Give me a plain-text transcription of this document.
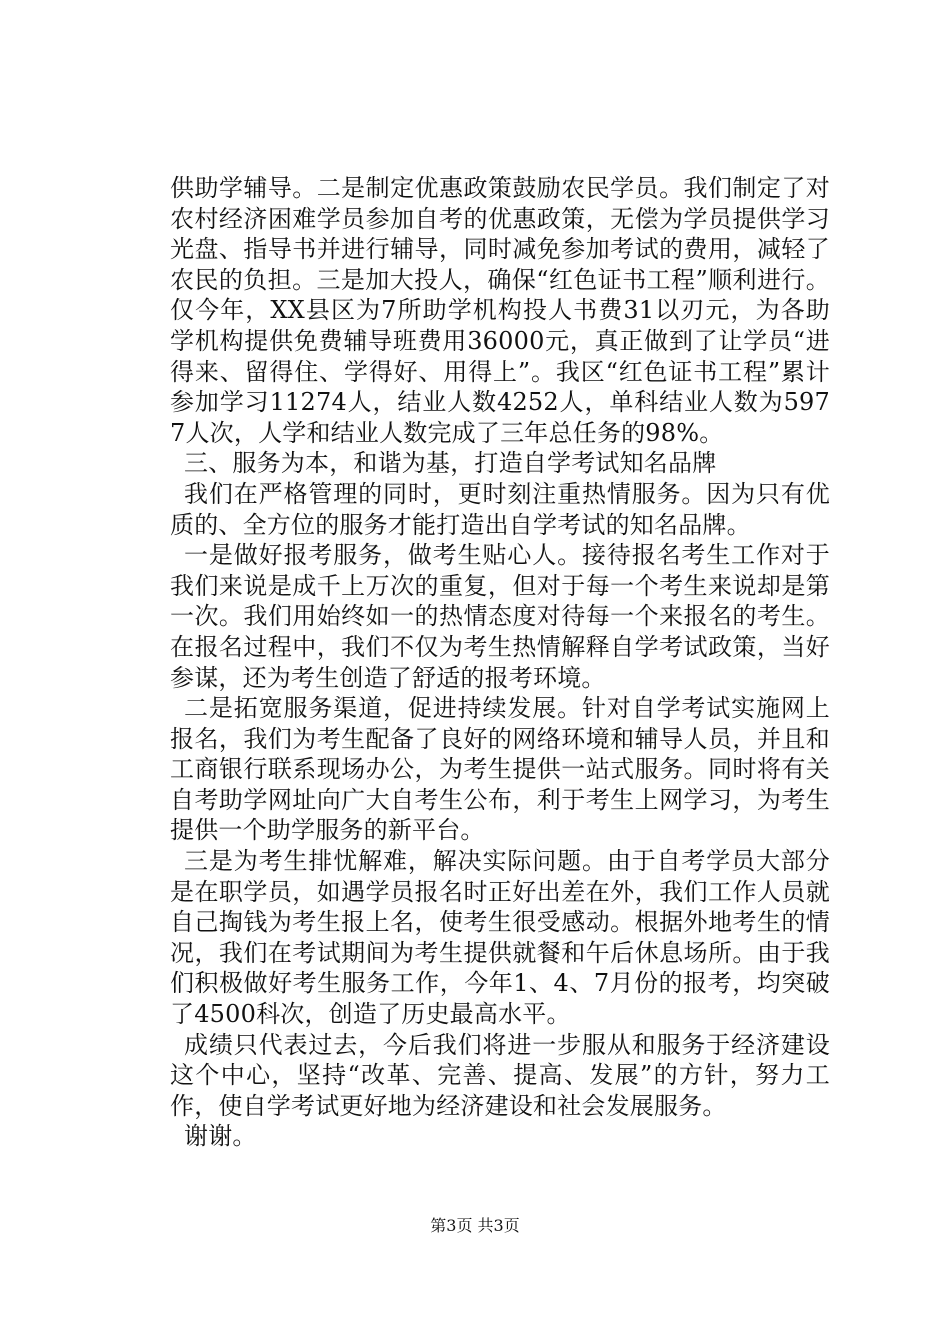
供助学辅导。二是制定优惠政策鼓励农民学员。我们制定了对农村经济困难学员参加自考的优惠政策，无偿为学员提供学习光盘、指导书并进行辅导，同时减免参加考试的费用，减轻了农民的负担。三是加大投人，确保“红色证书工程”顺利进行。仅今年，XX县区为7所助学机构投人书费31以刃元，为各助学机构提供免费辅导班费用36000元，真正做到了让学员“进得来、留得住、学得好、用得上”。我区“红色证书工程”累计参加学习11274人，结业人数4252人，单科结业人数为5977人次，人学和结业人数完成了三年总任务的98%。

三、服务为本，和谐为基，打造自学考试知名品牌

我们在严格管理的同时，更时刻注重热情服务。因为只有优质的、全方位的服务才能打造出自学考试的知名品牌。

一是做好报考服务，做考生贴心人。接待报名考生工作对于我们来说是成千上万次的重复，但对于每一个考生来说却是第一次。我们用始终如一的热情态度对待每一个来报名的考生。在报名过程中，我们不仅为考生热情解释自学考试政策，当好参谋，还为考生创造了舒适的报考环境。

二是拓宽服务渠道，促进持续发展。针对自学考试实施网上报名，我们为考生配备了良好的网络环境和辅导人员，并且和工商银行联系现场办公，为考生提供一站式服务。同时将有关自考助学网址向广大自考生公布，利于考生上网学习，为考生提供一个助学服务的新平台。

三是为考生排忧解难，解决实际问题。由于自考学员大部分是在职学员，如遇学员报名时正好出差在外，我们工作人员就自己掏钱为考生报上名，使考生很受感动。根据外地考生的情况，我们在考试期间为考生提供就餐和午后休息场所。由于我们积极做好考生服务工作，今年1、4、7月份的报考，均突破了4500科次，创造了历史最高水平。

成绩只代表过去，今后我们将进一步服从和服务于经济建设这个中心，坚持“改革、完善、提高、发展”的方针，努力工作，使自学考试更好地为经济建设和社会发展服务。

谢谢。

第3页 共3页
